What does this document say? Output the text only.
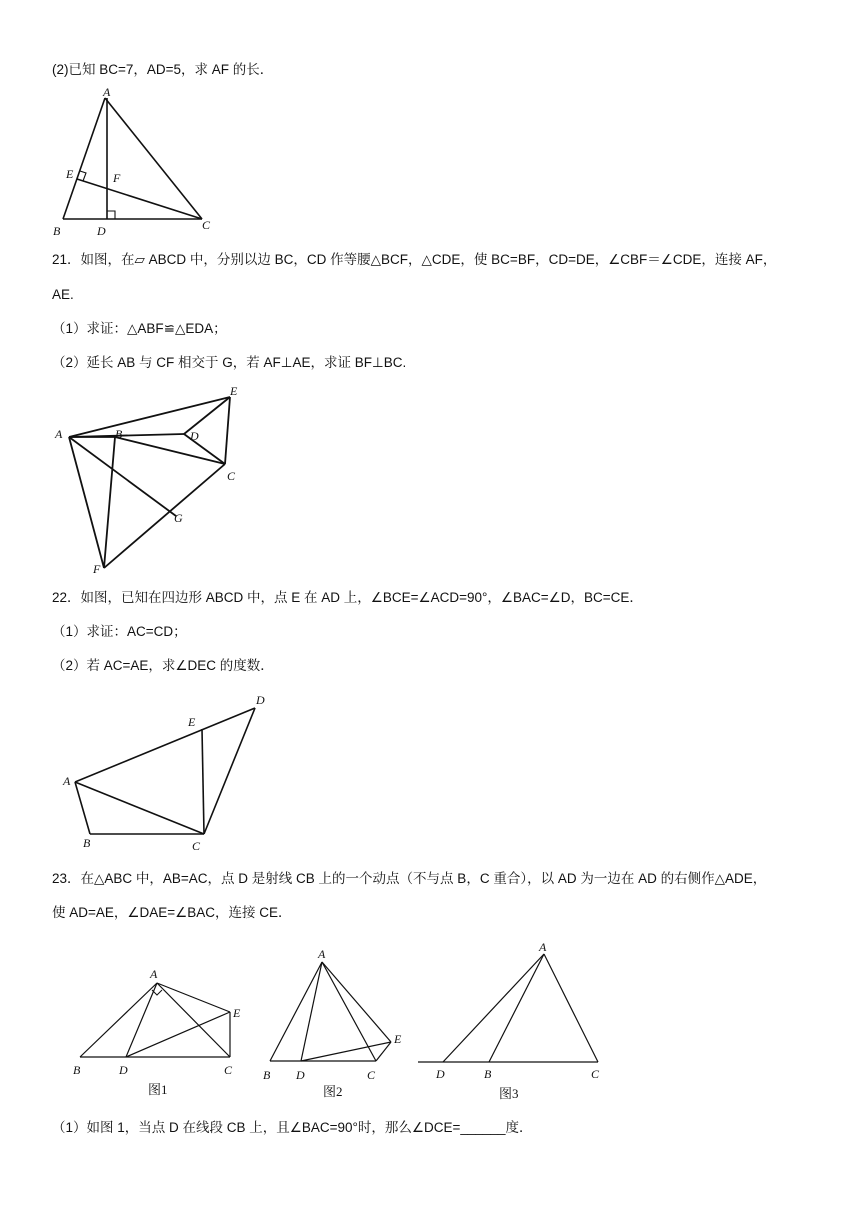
(2)已知 BC=7，AD=5，求 AF 的长．
A
E	F
B	D	C
21．如图，在▱ ABCD 中，分别以边 BC，CD 作等腰△BCF，△CDE，使 BC=BF，CD=DE，∠CBF＝∠CDE，连接 AF，
AE.
（1）求证：△ABF≌△EDA；
（2）延长 AB 与 CF 相交于 G，若 AF⊥AE，求证 BF⊥BC.
A	B	D
E
C
G
F
22．如图，已知在四边形 ABCD 中，点 E 在 AD 上，∠BCE=∠ACD=90°，∠BAC=∠D，BC=CE．
（1）求证：AC=CD；
（2）若 AC=AE，求∠DEC 的度数．
D
E
A
B	C
23．在△ABC 中，AB=AC，点 D 是射线 CB 上的一个动点（不与点 B，C 重合），以 AD 为一边在 AD 的右侧作△ADE，
使 AD=AE，∠DAE=∠BAC，连接 CE．
A
E
B	D	C
图1
A
E
B D	C
图2
A
D	B	C
图3
（1）如图 1，当点 D 在线段 CB 上，且∠BAC=90°时，那么∠DCE=______度．
